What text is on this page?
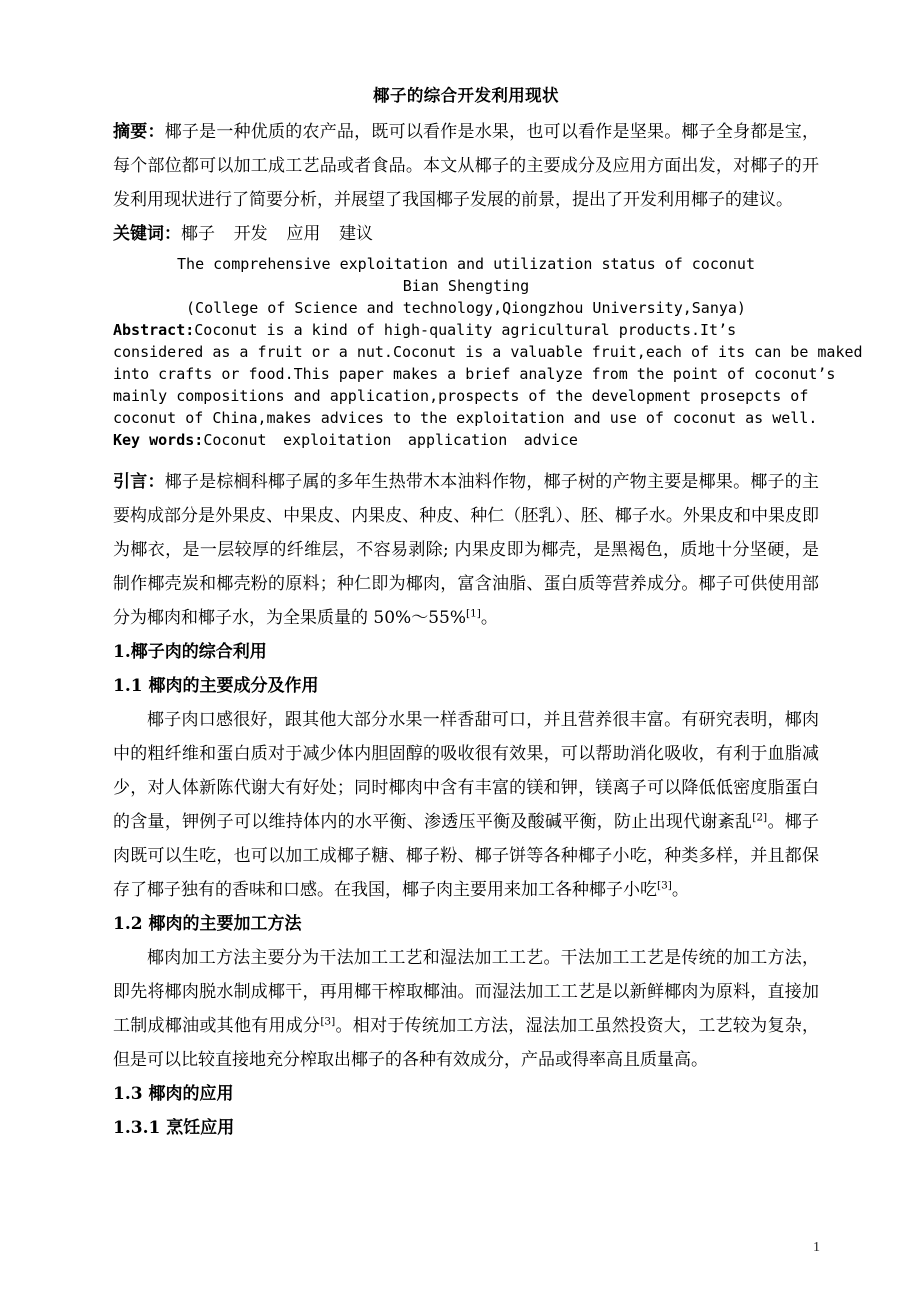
椰子的综合开发利用现状

摘要：椰子是一种优质的农产品，既可以看作是水果，也可以看作是坚果。椰子全身都是宝，每个部位都可以加工成工艺品或者食品。本文从椰子的主要成分及应用方面出发，对椰子的开发利用现状进行了简要分析，并展望了我国椰子发展的前景，提出了开发利用椰子的建议。

关键词：椰子 开发 应用 建议

The comprehensive exploitation and utilization status of coconut
Bian Shengting
(College of Science and technology,Qiongzhou University,Sanya)
Abstract:Coconut is a kind of high-quality agricultural products.It’s
considered as a fruit or a nut.Coconut is a valuable fruit,each of its can be maked
into crafts or food.This paper makes a brief analyze from the point of coconut’s
mainly compositions and application,prospects of the development prosepcts of
coconut of China,makes advices to the exploitation and use of coconut as well.
Key words:Coconut exploitation application advice

引言：椰子是棕榈科椰子属的多年生热带木本油料作物，椰子树的产物主要是椰果。椰子的主要构成部分是外果皮、中果皮、内果皮、种皮、种仁（胚乳）、胚、椰子水。外果皮和中果皮即为椰衣，是一层较厚的纤维层，不容易剥除; 内果皮即为椰壳，是黑褐色，质地十分坚硬，是制作椰壳炭和椰壳粉的原料；种仁即为椰肉，富含油脂、蛋白质等营养成分。椰子可供使用部分为椰肉和椰子水，为全果质量的 50%～55%[1]。

1.椰子肉的综合利用

1.1 椰肉的主要成分及作用

椰子肉口感很好，跟其他大部分水果一样香甜可口，并且营养很丰富。有研究表明，椰肉中的粗纤维和蛋白质对于减少体内胆固醇的吸收很有效果，可以帮助消化吸收，有利于血脂减少，对人体新陈代谢大有好处；同时椰肉中含有丰富的镁和钾，镁离子可以降低低密度脂蛋白的含量，钾例子可以维持体内的水平衡、渗透压平衡及酸碱平衡，防止出现代谢紊乱[2]。椰子肉既可以生吃，也可以加工成椰子糖、椰子粉、椰子饼等各种椰子小吃，种类多样，并且都保存了椰子独有的香味和口感。在我国，椰子肉主要用来加工各种椰子小吃[3]。

1.2 椰肉的主要加工方法

椰肉加工方法主要分为干法加工工艺和湿法加工工艺。干法加工工艺是传统的加工方法，即先将椰肉脱水制成椰干，再用椰干榨取椰油。而湿法加工工艺是以新鲜椰肉为原料，直接加工制成椰油或其他有用成分[3]。相对于传统加工方法，湿法加工虽然投资大，工艺较为复杂，但是可以比较直接地充分榨取出椰子的各种有效成分，产品或得率高且质量高。

1.3 椰肉的应用

1.3.1 烹饪应用

1
